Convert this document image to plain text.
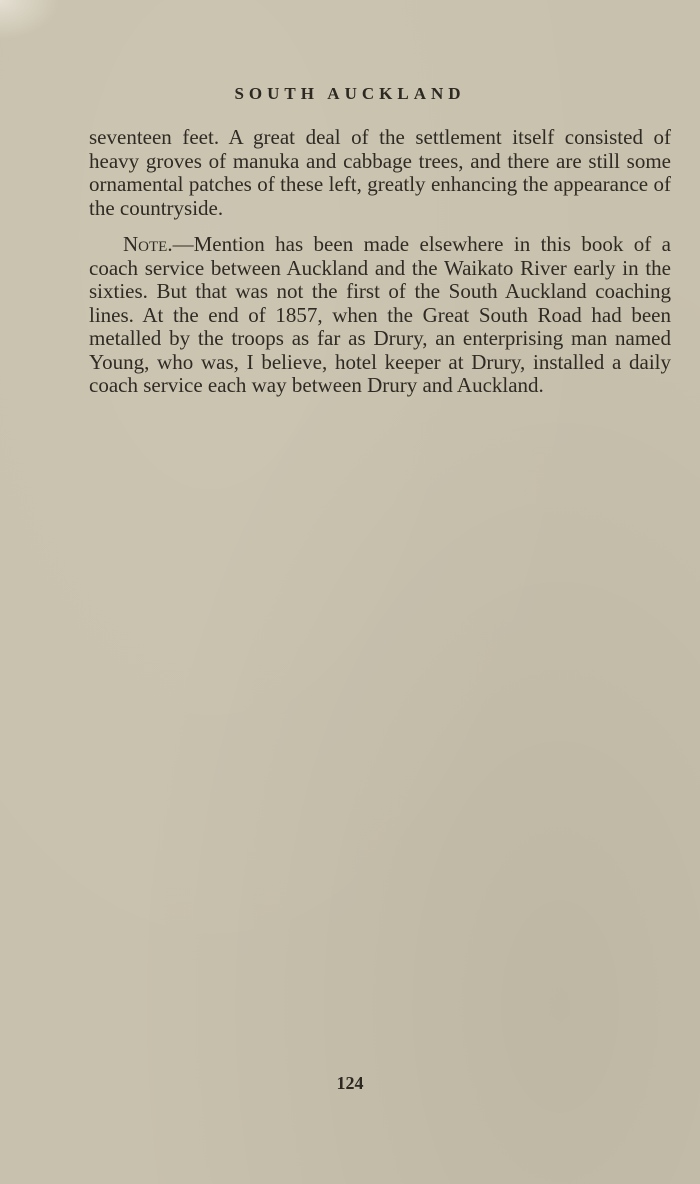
SOUTH AUCKLAND

seventeen feet. A great deal of the settlement itself consisted of heavy groves of manuka and cabbage trees, and there are still some ornamental patches of these left, greatly enhancing the appearance of the countryside.

Note.—Mention has been made elsewhere in this book of a coach service between Auckland and the Waikato River early in the sixties. But that was not the first of the South Auckland coaching lines. At the end of 1857, when the Great South Road had been metalled by the troops as far as Drury, an enterprising man named Young, who was, I believe, hotel keeper at Drury, installed a daily coach service each way between Drury and Auckland.

124
